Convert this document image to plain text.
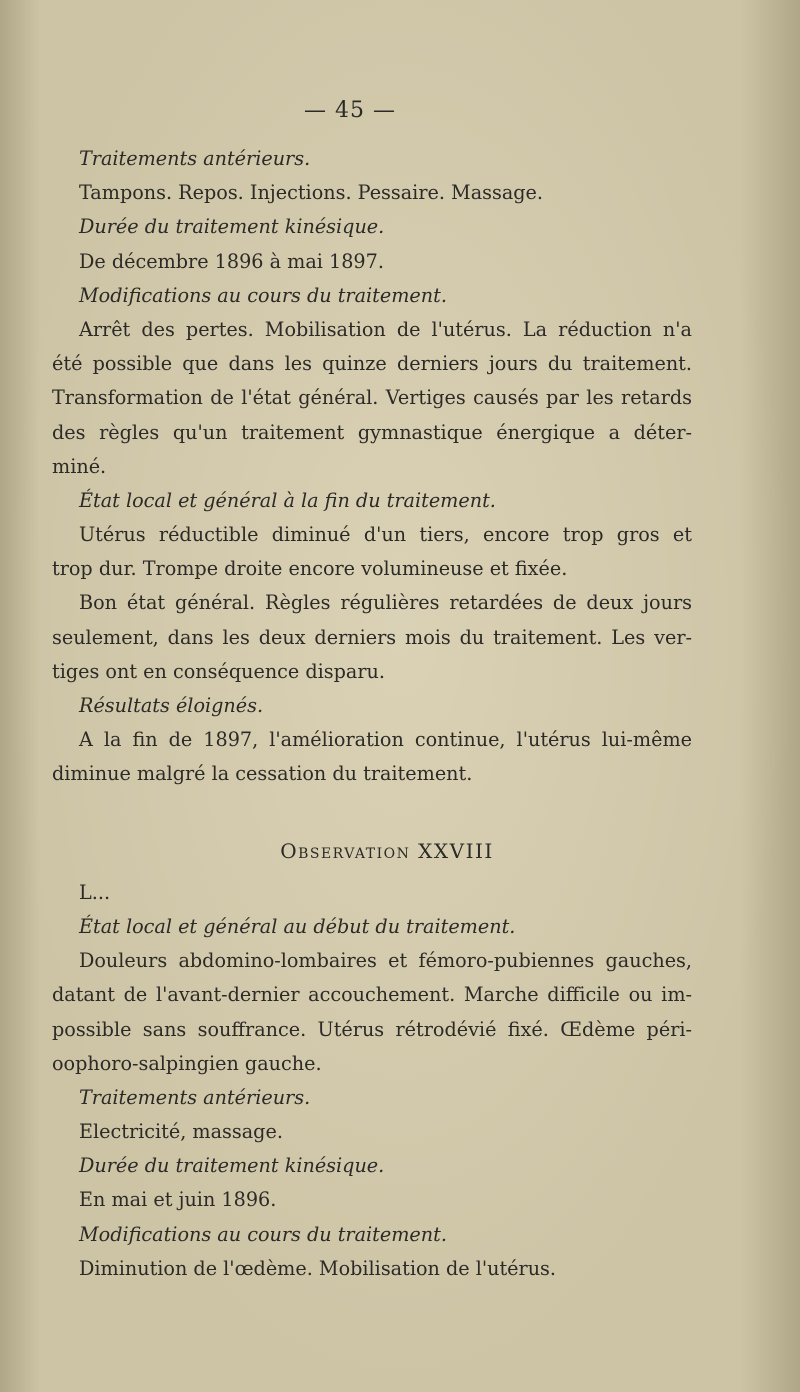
— 45 —
Traitements antérieurs.
Tampons. Repos. Injections. Pessaire. Massage.
Durée du traitement kinésique.
De décembre 1896 à mai 1897.
Modifications au cours du traitement.
Arrêt des pertes. Mobilisation de l'utérus. La réduction n'a
été possible que dans les quinze derniers jours du traitement.
Transformation de l'état général. Vertiges causés par les retards
des règles qu'un traitement gymnastique énergique a déter-
miné.
État local et général à la fin du traitement.
Utérus réductible diminué d'un tiers, encore trop gros et
trop dur. Trompe droite encore volumineuse et fixée.
Bon état général. Règles régulières retardées de deux jours
seulement, dans les deux derniers mois du traitement. Les ver-
tiges ont en conséquence disparu.
Résultats éloignés.
A la fin de 1897, l'amélioration continue, l'utérus lui-même
diminue malgré la cessation du traitement.
Observation XXVIII
L...
État local et général au début du traitement.
Douleurs abdomino-lombaires et fémoro-pubiennes gauches,
datant de l'avant-dernier accouchement. Marche difficile ou im-
possible sans souffrance. Utérus rétrodévié fixé. Œdème péri-
oophoro-salpingien gauche.
Traitements antérieurs.
Electricité, massage.
Durée du traitement kinésique.
En mai et juin 1896.
Modifications au cours du traitement.
Diminution de l'œdème. Mobilisation de l'utérus.
